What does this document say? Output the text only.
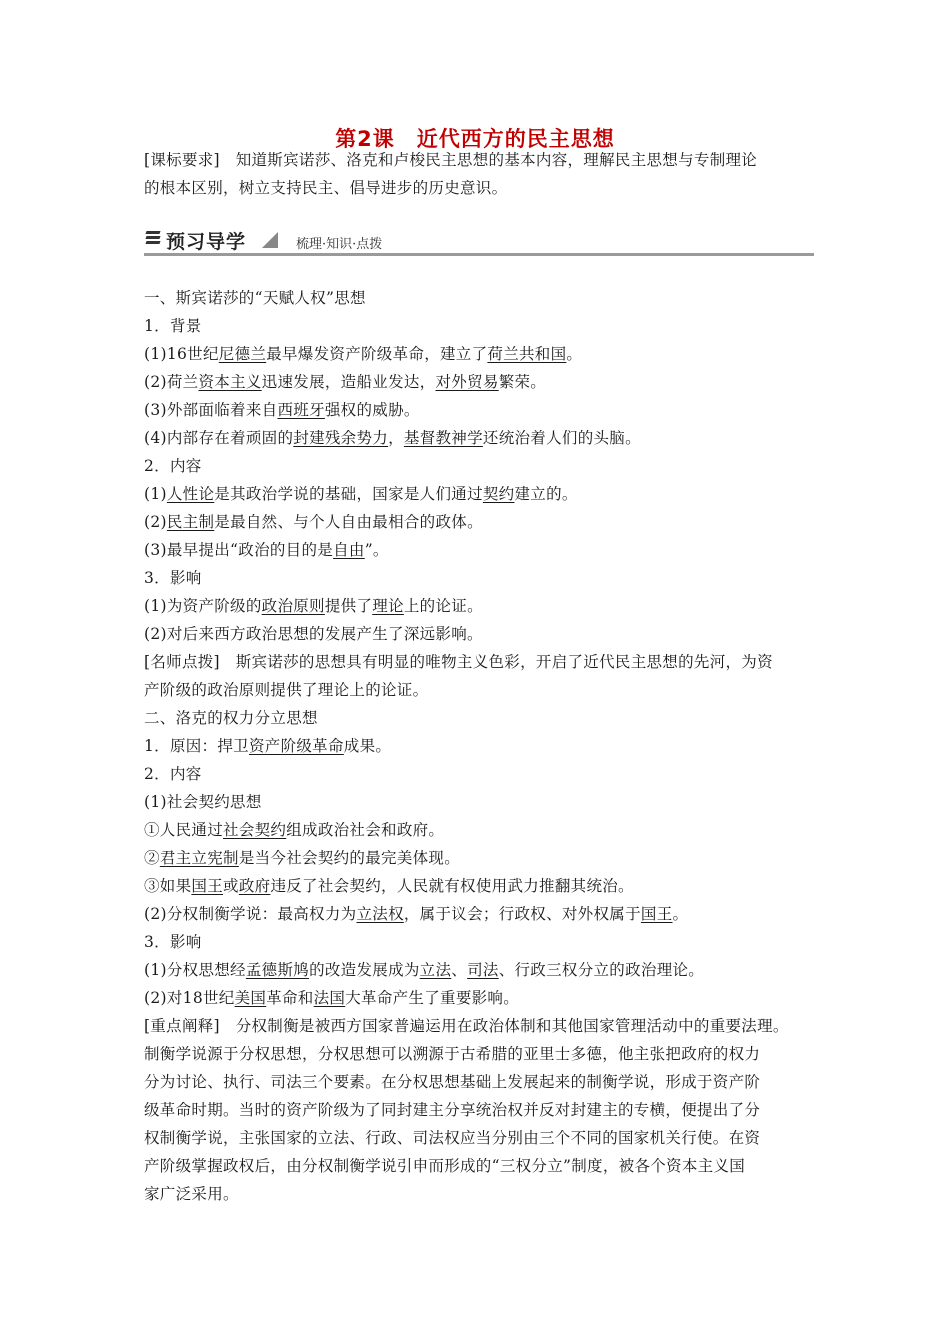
第2课　近代西方的民主思想
[课标要求]　知道斯宾诺莎、洛克和卢梭民主思想的基本内容，理解民主思想与专制理论
的根本区别，树立支持民主、倡导进步的历史意识。
预习导学	梳理·知识·点拨
一、斯宾诺莎的“天赋人权”思想
1．背景
(1)16世纪尼德兰最早爆发资产阶级革命，建立了荷兰共和国。
(2)荷兰资本主义迅速发展，造船业发达，对外贸易繁荣。
(3)外部面临着来自西班牙强权的威胁。
(4)内部存在着顽固的封建残余势力，基督教神学还统治着人们的头脑。
2．内容
(1)人性论是其政治学说的基础，国家是人们通过契约建立的。
(2)民主制是最自然、与个人自由最相合的政体。
(3)最早提出“政治的目的是自由”。
3．影响
(1)为资产阶级的政治原则提供了理论上的论证。
(2)对后来西方政治思想的发展产生了深远影响。
[名师点拨]　斯宾诺莎的思想具有明显的唯物主义色彩，开启了近代民主思想的先河，为资
产阶级的政治原则提供了理论上的论证。
二、洛克的权力分立思想
1．原因：捍卫资产阶级革命成果。
2．内容
(1)社会契约思想
①人民通过社会契约组成政治社会和政府。
②君主立宪制是当今社会契约的最完美体现。
③如果国王或政府违反了社会契约，人民就有权使用武力推翻其统治。
(2)分权制衡学说：最高权力为立法权，属于议会；行政权、对外权属于国王。
3．影响
(1)分权思想经孟德斯鸠的改造发展成为立法、司法、行政三权分立的政治理论。
(2)对18世纪美国革命和法国大革命产生了重要影响。
[重点阐释]　分权制衡是被西方国家普遍运用在政治体制和其他国家管理活动中的重要法理。
制衡学说源于分权思想，分权思想可以溯源于古希腊的亚里士多德，他主张把政府的权力
分为讨论、执行、司法三个要素。在分权思想基础上发展起来的制衡学说，形成于资产阶
级革命时期。当时的资产阶级为了同封建主分享统治权并反对封建主的专横，便提出了分
权制衡学说，主张国家的立法、行政、司法权应当分别由三个不同的国家机关行使。在资
产阶级掌握政权后，由分权制衡学说引申而形成的“三权分立”制度，被各个资本主义国
家广泛采用。
